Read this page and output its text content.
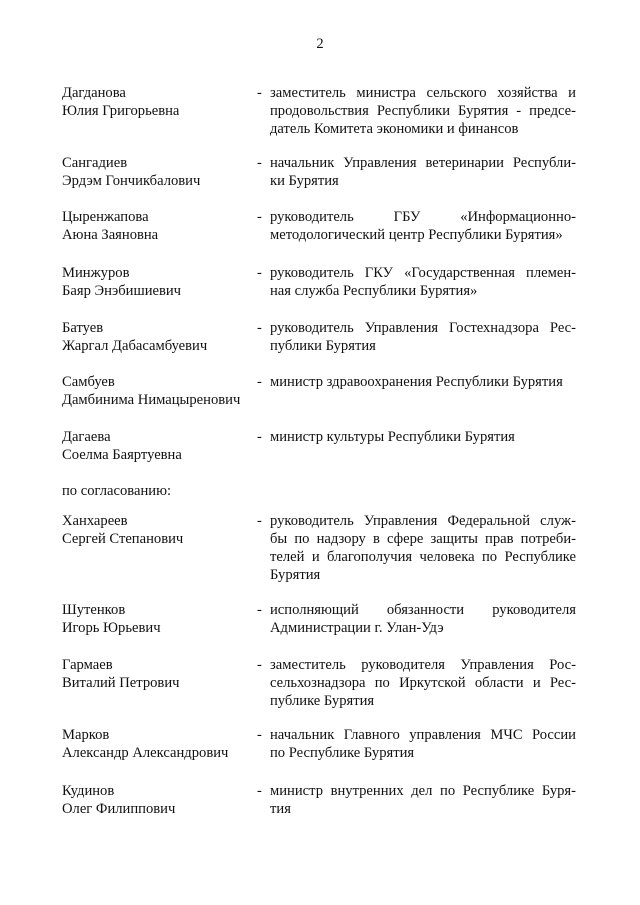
2
Дагданова
Юлия Григорьевна
- заместитель министра сельского хозяйства и
продовольствия Республики Бурятия - предсе-
датель Комитета экономики и финансов
Сангадиев
Эрдэм Гончикбалович
- начальник Управления ветеринарии Республи-
ки Бурятия
Цыренжапова
Аюна Заяновна
- руководитель ГБУ «Информационно-
методологический центр Республики Бурятия»
Минжуров
Баяр Энэбишиевич
- руководитель ГКУ «Государственная племен-
ная служба Республики Бурятия»
Батуев
Жаргал Дабасамбуевич
- руководитель Управления Гостехнадзора Рес-
публики Бурятия
Самбуев
Дамбинима Нимацыренович
- министр здравоохранения Республики Бурятия
Дагаева
Соелма Баяртуевна
- министр культуры Республики Бурятия
по согласованию:
Ханхареев
Сергей Степанович
- руководитель Управления Федеральной служ-
бы по надзору в сфере защиты прав потреби-
телей и благополучия человека по Республике
Бурятия
Шутенков
Игорь Юрьевич
- исполняющий обязанности руководителя
Администрации г. Улан-Удэ
Гармаев
Виталий Петрович
- заместитель руководителя Управления Рос-
сельхознадзора по Иркутской области и Рес-
публике Бурятия
Марков
Александр Александрович
- начальник Главного управления МЧС России
по Республике Бурятия
Кудинов
Олег Филиппович
- министр внутренних дел по Республике Буря-
тия
